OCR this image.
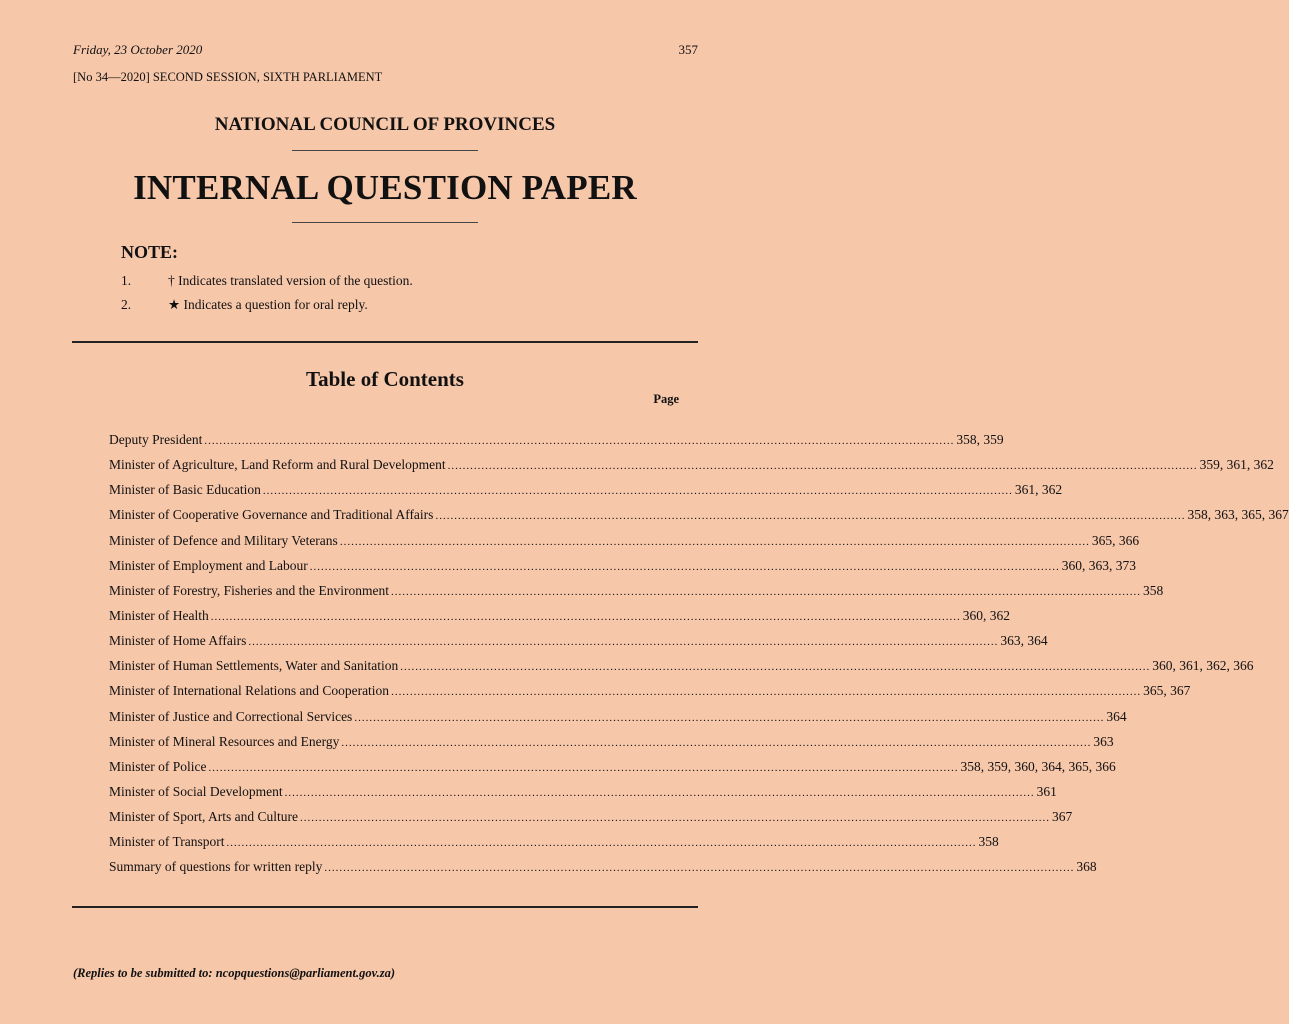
Friday, 23 October 2020	357
[No 34—2020] SECOND SESSION, SIXTH PARLIAMENT
NATIONAL COUNCIL OF PROVINCES
INTERNAL QUESTION PAPER
NOTE:
1.	† Indicates translated version of the question.
2.	★ Indicates a question for oral reply.
Table of Contents
Page
Deputy President ........................................................................................................................................................................................................ 358, 359
Minister of Agriculture, Land Reform and Rural Development ........................................................................................................................................................................................................ 359, 361, 362
Minister of Basic Education ........................................................................................................................................................................................................ 361, 362
Minister of Cooperative Governance and Traditional Affairs ........................................................................................................................................................................................................ 358, 363, 365, 367
Minister of Defence and Military Veterans ........................................................................................................................................................................................................ 365, 366
Minister of Employment and Labour ........................................................................................................................................................................................................ 360, 363, 373
Minister of Forestry, Fisheries and the Environment ........................................................................................................................................................................................................ 358
Minister of Health ........................................................................................................................................................................................................ 360, 362
Minister of Home Affairs ........................................................................................................................................................................................................ 363, 364
Minister of Human Settlements, Water and Sanitation ........................................................................................................................................................................................................ 360, 361, 362, 366
Minister of International Relations and Cooperation ........................................................................................................................................................................................................ 365, 367
Minister of Justice and Correctional Services ........................................................................................................................................................................................................ 364
Minister of Mineral Resources and Energy ........................................................................................................................................................................................................ 363
Minister of Police ........................................................................................................................................................................................................ 358, 359, 360, 364, 365, 366
Minister of Social Development ........................................................................................................................................................................................................ 361
Minister of Sport, Arts and Culture ........................................................................................................................................................................................................ 367
Minister of Transport ........................................................................................................................................................................................................ 358
Summary of questions for written reply ........................................................................................................................................................................................................ 368
(Replies to be submitted to: ncopquestions@parliament.gov.za)
